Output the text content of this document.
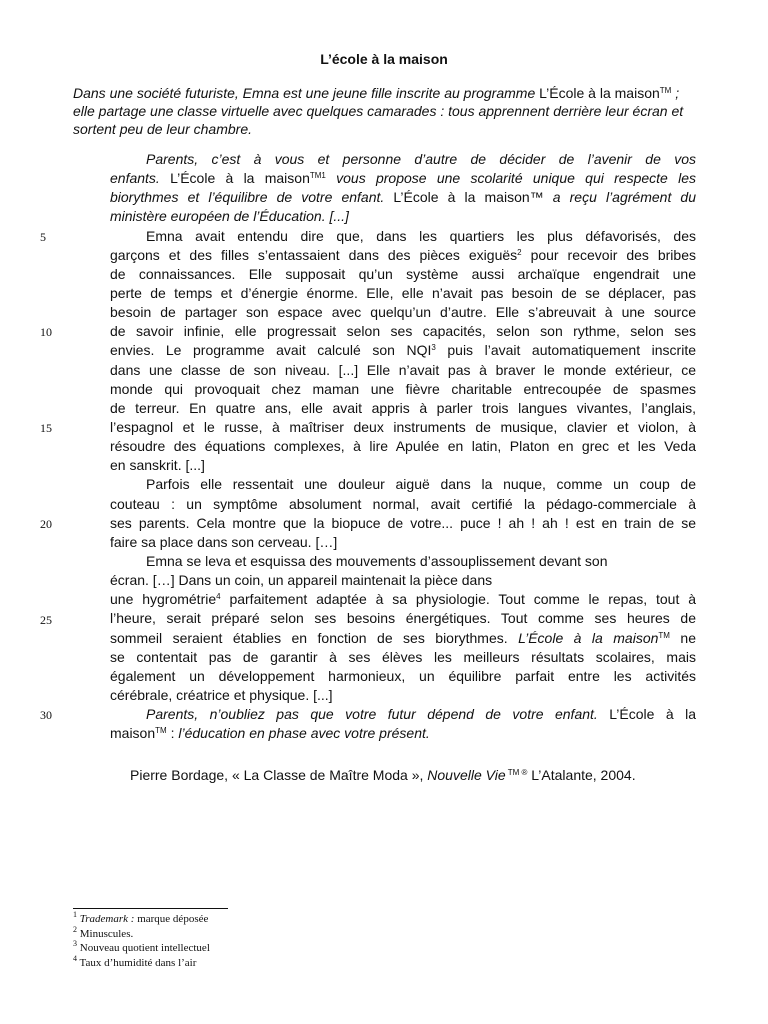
L’école à la maison
Dans une société futuriste, Emna est une jeune fille inscrite au programme L’École à la maison™ ; elle partage une classe virtuelle avec quelques camarades : tous apprennent derrière leur écran et sortent peu de leur chambre.
Parents, c’est à vous et personne d’autre de décider de l’avenir de vos
enfants. L’École à la maison$^{TM1}$ vous propose une scolarité unique qui respecte les
biorythmes et l’équilibre de votre enfant. L’École à la maison™ a reçu l’agrément du
ministère européen de l’Éducation. [...]
Emna avait entendu dire que, dans les quartiers les plus défavorisés, des
garçons et des filles s’entassaient dans des pièces exiguës$^2$ pour recevoir des bribes
de connaissances. Elle supposait qu’un système aussi archaïque engendrait une
perte de temps et d’énergie énorme. Elle, elle n’avait pas besoin de se déplacer, pas
besoin de partager son espace avec quelqu’un d’autre. Elle s’abreuvait à une source
de savoir infinie, elle progressait selon ses capacités, selon son rythme, selon ses
envies. Le programme avait calculé son NQI$^3$ puis l’avait automatiquement inscrite
dans une classe de son niveau. [...] Elle n’avait pas à braver le monde extérieur, ce
monde qui provoquait chez maman une fièvre charitable entrecoupée de spasmes
de terreur. En quatre ans, elle avait appris à parler trois langues vivantes, l’anglais,
l’espagnol et le russe, à maîtriser deux instruments de musique, clavier et violon, à
résoudre des équations complexes, à lire Apulée en latin, Platon en grec et les Veda
en sanskrit. [...]
Parfois elle ressentait une douleur aiguë dans la nuque, comme un coup de
couteau : un symptôme absolument normal, avait certifié la pédago-commerciale à
ses parents. Cela montre que la biopuce de votre... puce ! ah ! ah ! est en train de se
faire sa place dans son cerveau. […]
Emna se leva et esquissa des mouvements d’assouplissement devant son
écran. […] Dans un coin, un appareil maintenait la pièce dans
une hygrométrie$^4$ parfaitement adaptée à sa physiologie. Tout comme le repas, tout à
l’heure, serait préparé selon ses besoins énergétiques. Tout comme ses heures de
sommeil seraient établies en fonction de ses biorythmes. L’École à la maison™ ne
se contentait pas de garantir à ses élèves les meilleurs résultats scolaires, mais
également un développement harmonieux, un équilibre parfait entre les activités
cérébrale, créatrice et physique. [...]
Parents, n’oubliez pas que votre futur dépend de votre enfant. L’École à la
maison™ : l’éducation en phase avec votre présent.
5
10
15
20
25
30
Pierre Bordage, « La Classe de Maître Moda », Nouvelle Vie $^{TM ®}$ L’Atalante, 2004.
$^1$ Trademark : marque déposée
$^2$ Minuscules.
$^3$ Nouveau quotient intellectuel
$^4$ Taux d’humidité dans l’air
